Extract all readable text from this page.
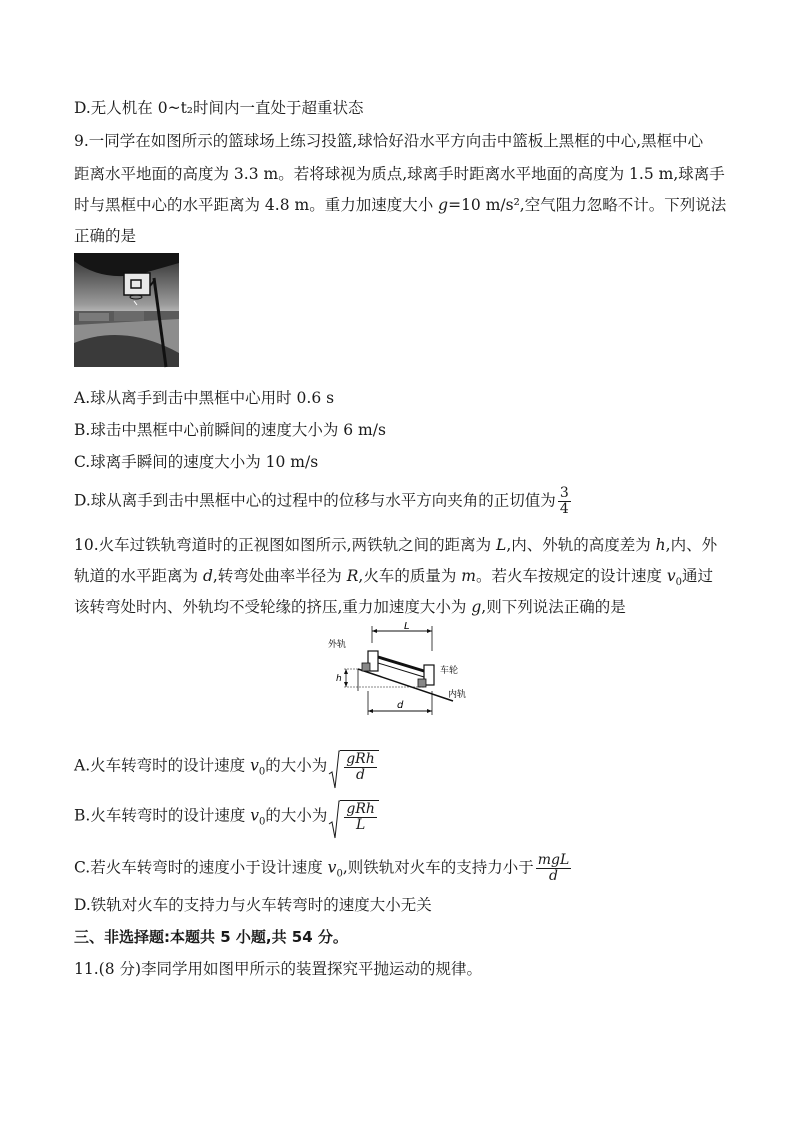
D.无人机在 0~t₂时间内一直处于超重状态
9.一同学在如图所示的篮球场上练习投篮,球恰好沿水平方向击中篮板上黑框的中心,黑框中心
距离水平地面的高度为 3.3 m。若将球视为质点,球离手时距离水平地面的高度为 1.5 m,球离手
时与黑框中心的水平距离为 4.8 m。重力加速度大小 g=10 m/s²,空气阻力忽略不计。下列说法
正确的是
A.球从离手到击中黑框中心用时 0.6 s
B.球击中黑框中心前瞬间的速度大小为 6 m/s
C.球离手瞬间的速度大小为 10 m/s
D.球从离手到击中黑框中心的过程中的位移与水平方向夹角的正切值为 $\frac{3}{4}$
10.火车过铁轨弯道时的正视图如图所示,两铁轨之间的距离为 L,内、外轨的高度差为 h,内、外
轨道的水平距离为 d,转弯处曲率半径为 R,火车的质量为 m。若火车按规定的设计速度 $v_0$通过
该转弯处时内、外轨均不受轮缘的挤压,重力加速度大小为 g,则下列说法正确的是
L
外轨
车轮
内轨
h
d
A.火车转弯时的设计速度 $v_0$的大小为 $\frac{\text{gRh}}{d}$
B.火车转弯时的设计速度 $v_0$的大小为 $\frac{\text{gRh}}{L}$
C.若火车转弯时的速度小于设计速度 $v_0$,则铁轨对火车的支持力小于 $\frac{\text{mgL}}{d}$
D.铁轨对火车的支持力与火车转弯时的速度大小无关
三、非选择题:本题共 5 小题,共 54 分。
11.(8 分)李同学用如图甲所示的装置探究平抛运动的规律。
